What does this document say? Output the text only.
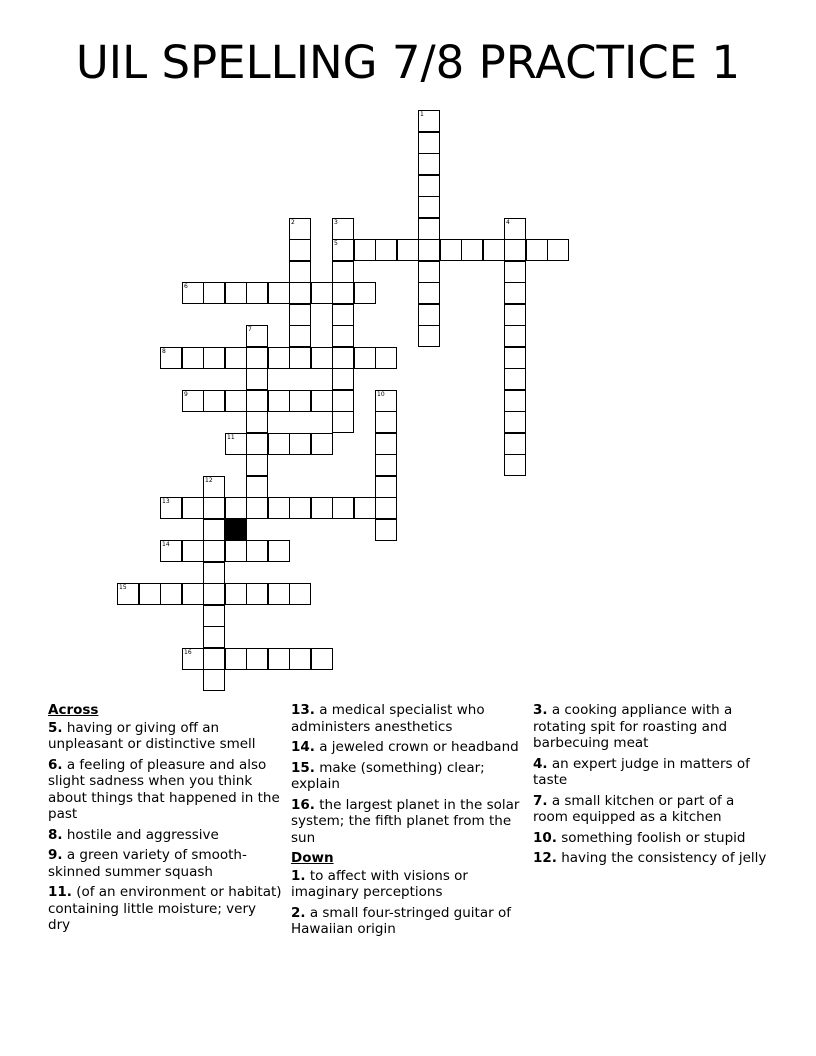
UIL SPELLING 7/8 PRACTICE 1
1
2	3
5
4
6
7
8
9	10
11
12
13
14
15
16
Across
5. having or giving off an unpleasant or distinctive smell
6. a feeling of pleasure and also slight sadness when you think about things that happened in the past
8. hostile and aggressive
9. a green variety of smooth-skinned summer squash
11. (of an environment or habitat) containing little moisture; very dry
13. a medical specialist who administers anesthetics
14. a jeweled crown or headband
15. make (something) clear; explain
16. the largest planet in the solar system; the fifth planet from the sun
Down
1. to affect with visions or imaginary perceptions
2. a small four-stringed guitar of Hawaiian origin
3. a cooking appliance with a rotating spit for roasting and barbecuing meat
4. an expert judge in matters of taste
7. a small kitchen or part of a room equipped as a kitchen
10. something foolish or stupid
12. having the consistency of jelly
